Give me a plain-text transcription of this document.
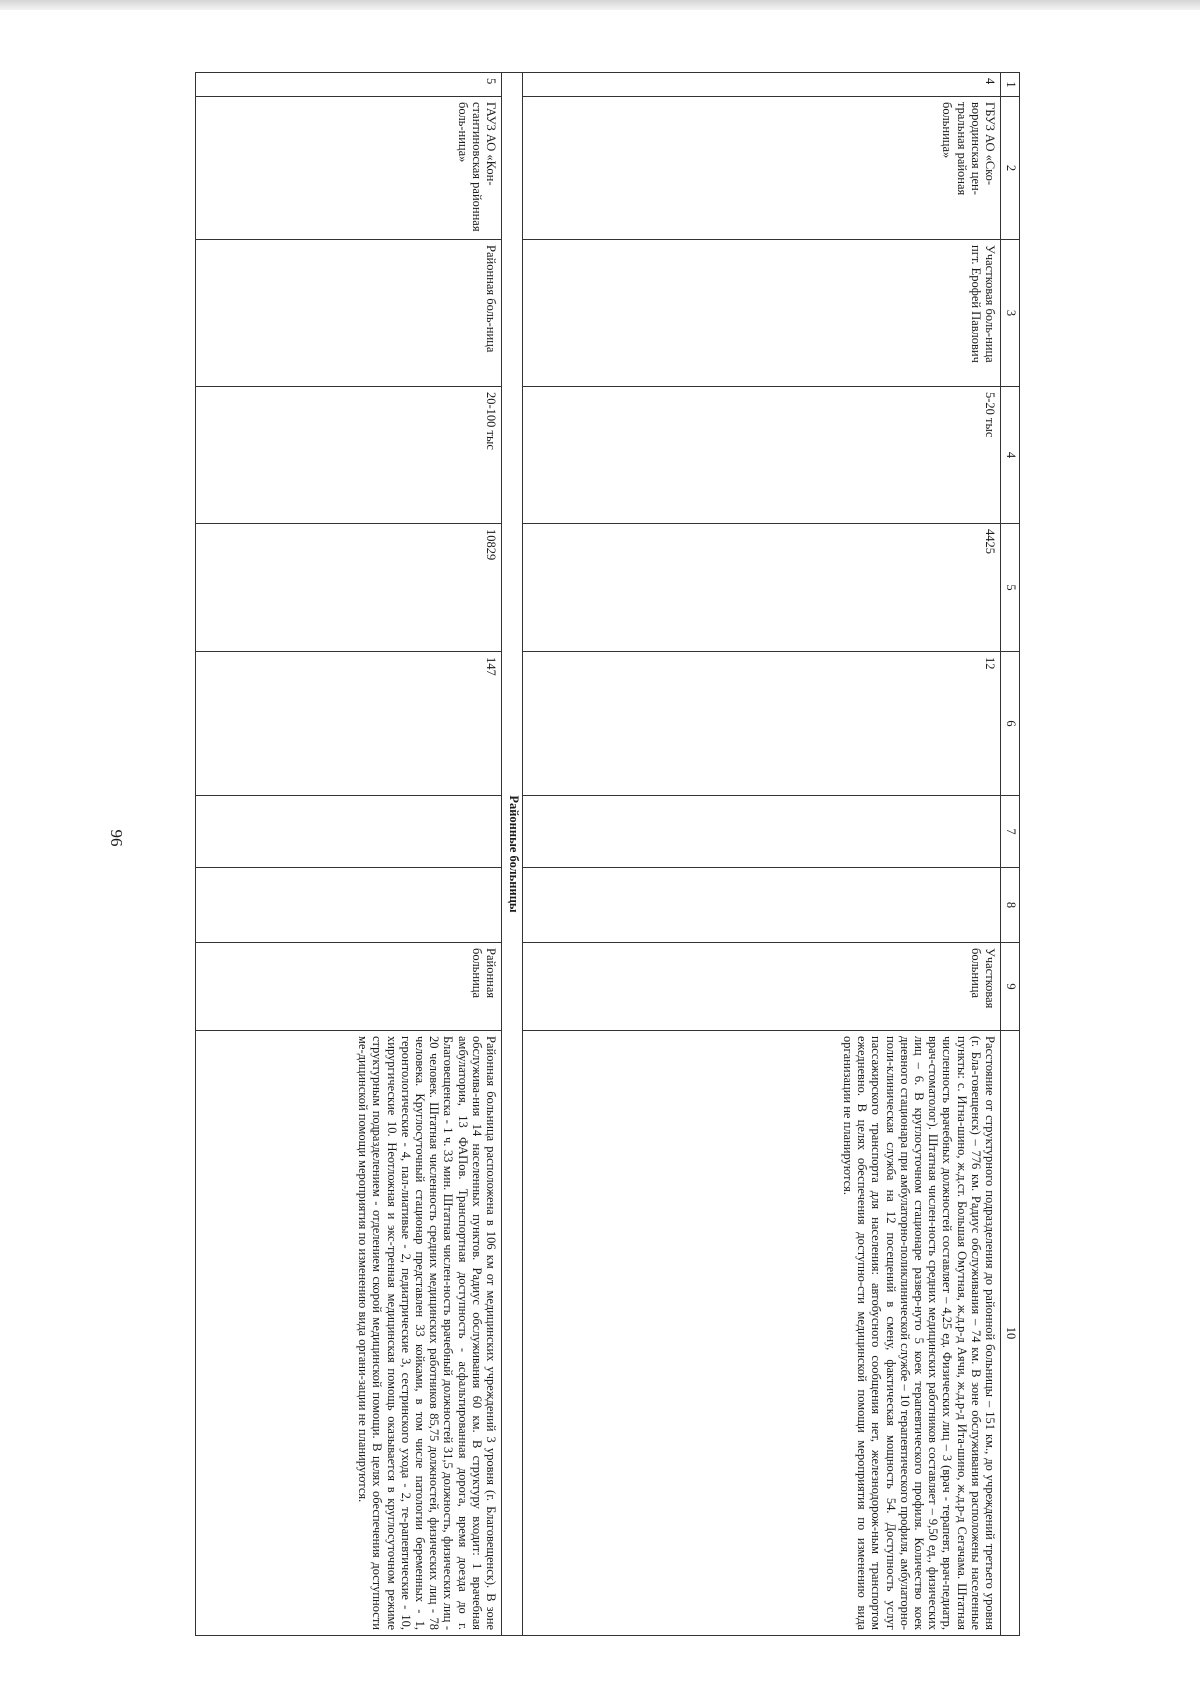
96
1	2	3	4	5	6	7	8	9	10
4	ГБУЗ АО «Ско-вородинская цен-тральная районая больница»	Участковая боль-ница пгт. Ерофей Павлович	5-20 тыс	4425	12			Участковая больница	Расстояние от структурного подразделения до районной больницы – 151 км., до учреждений третьего уровня (г. Бла-говещенск) – 776 км. Радиус обслуживания – 74 км. В зоне обслуживания расположены населенные пункты: с. Игна-шино, ж.д.ст. Большая Омутная, ж.д.р-д Аячи, ж.д.р-д Ита-шино, ж.д.р-д Сегачама. Штатная численность врачебных должностей составляет – 4,25 ед. Физических лиц – 3 (врач - терапевт, врач-педиатр, врач-стоматолог). Штатная числен-ность средних медицинских работников составляет – 9,50 ед., физических лиц – 6. В круглосуточном стационаре развер-нуто 5 коек терапевтического профиля. Количество коек дневного стационара при амбулаторно-поликлинической службе – 10 терапевтического профиля, амбулаторно-поли-клиническая служба на 12 посещений в смену, фактическая мощность 54. Доступность услуг пассажирского транспорта для населения: автобусного сообщения нет, железнодорож-ным транспортом ежедневно. В целях обеспечения доступно-сти медицинской помощи мероприятия по изменению вида организации не планируются.
Районные больницы									
5	ГАУЗ АО «Кон-стантиновская районная боль-ница»	Районная боль-ница	20-100 тыс	10829	147			Районная больница	Районная больница расположена в 106 км от медицинских учреждений 3 уровня (г. Благовещенск). В зоне обслужива-ния 14 населенных пунктов. Радиус обслуживания 60 км. В структуру входит: 1 врачебная амбулатория, 13 ФАПов. Транспортная доступность - асфальтированная дорога, время доезда до г. Благовещенска - 1 ч. 33 мин. Штатная числен-ность врачебный должностей 31,5 должность, физических лиц - 20 человек. Штатная численность средних медицинских работников 85,75 должностей, физических лиц - 78 человека. Круглосуточный стационар представлен 33 койками, в том числе патологии беременных - 1, геронтологические - 4, пал-лиативые - 2, педиатрические 3, сестринского ухода - 2, те-рапевтические - 10, хирургические 10. Неотложная и экс-тренная медицинская помощь оказывается в круглосуточном режиме структурным подразделением - отделением скорой медицинской помощи. В целях обеспечения доступности ме-дицинской помощи мероприятия по изменению вида органи-зации не планируются.
